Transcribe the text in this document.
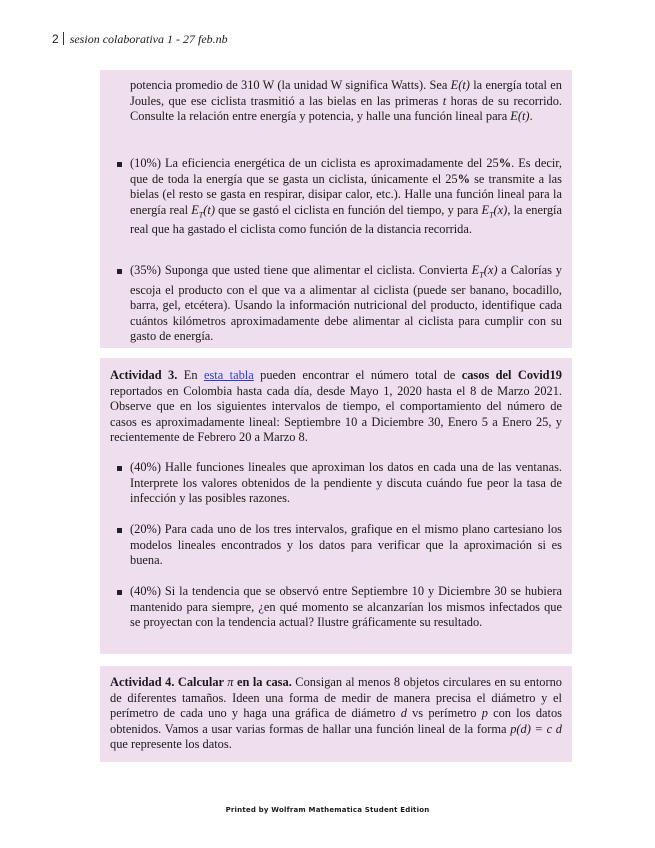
2 sesion colaborativa 1 - 27 feb.nb

potencia promedio de 310 W (la unidad W significa Watts). Sea E(t) la energía total en Joules, que ese ciclista trasmitió a las bielas en las primeras t horas de su recorrido. Consulte la relación entre energía y potencia, y halle una función lineal para E(t).

(10%) La eficiencia energética de un ciclista es aproximadamente del 25%. Es decir, que de toda la energía que se gasta un ciclista, únicamente el 25% se transmite a las bielas (el resto se gasta en respirar, disipar calor, etc.). Halle una función lineal para la energía real $E_T(t)$ que se gastó el ciclista en función del tiempo, y para $E_T(x)$, la energía real que ha gastado el ciclista como función de la distancia recorrida.

(35%) Suponga que usted tiene que alimentar el ciclista. Convierta $E_T(x)$ a Calorías y escoja el producto con el que va a alimentar al ciclista (puede ser banano, bocadillo, barra, gel, etcétera). Usando la información nutricional del producto, identifique cada cuántos kilómetros aproximadamente debe alimentar al ciclista para cumplir con su gasto de energía.

Actividad 3. En esta tabla pueden encontrar el número total de casos del Covid19 reportados en Colombia hasta cada día, desde Mayo 1, 2020 hasta el 8 de Marzo 2021. Observe que en los siguientes intervalos de tiempo, el comportamiento del número de casos es aproximadamente lineal: Septiembre 10 a Diciembre 30, Enero 5 a Enero 25, y recientemente de Febrero 20 a Marzo 8.

(40%) Halle funciones lineales que aproximan los datos en cada una de las ventanas. Interprete los valores obtenidos de la pendiente y discuta cuándo fue peor la tasa de infección y las posibles razones.

(20%) Para cada uno de los tres intervalos, grafique en el mismo plano cartesiano los modelos lineales encontrados y los datos para verificar que la aproximación si es buena.

(40%) Si la tendencia que se observó entre Septiembre 10 y Diciembre 30 se hubiera mantenido para siempre, ¿en qué momento se alcanzarían los mismos infectados que se proyectan con la tendencia actual? Ilustre gráficamente su resultado.

Actividad 4. Calcular π en la casa. Consigan al menos 8 objetos circulares en su entorno de diferentes tamaños. Ideen una forma de medir de manera precisa el diámetro y el perímetro de cada uno y haga una gráfica de diámetro d vs perímetro p con los datos obtenidos. Vamos a usar varias formas de hallar una función lineal de la forma p(d) = c d que represente los datos.

Printed by Wolfram Mathematica Student Edition
